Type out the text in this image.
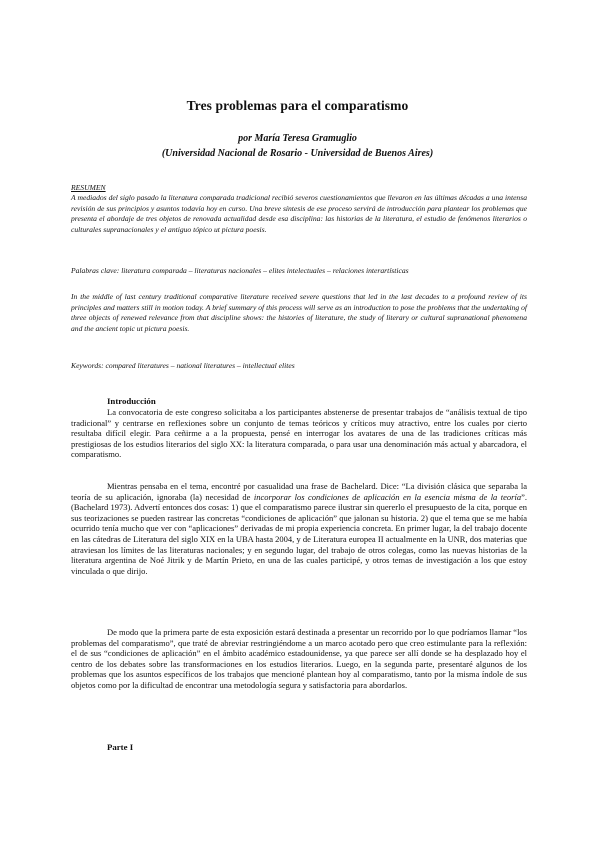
Tres problemas para el comparatismo
por María Teresa Gramuglio
(Universidad Nacional de Rosario - Universidad de Buenos Aires)
RESUMEN

A mediados del siglo pasado la literatura comparada tradicional recibió severos cuestionamientos que llevaron en las últimas décadas a una intensa revisión de sus principios y asuntos todavía hoy en curso. Una breve síntesis de ese proceso servirá de introducción para plantear los problemas que presenta el abordaje de tres objetos de renovada actualidad desde esa disciplina: las historias de la literatura, el estudio de fenómenos literarios o culturales supranacionales y el antiguo tópico ut pictura poesis.

Palabras clave: literatura comparada – literaturas nacionales – elites intelectuales – relaciones interartísticas

In the middle of last century traditional comparative literature received severe questions that led in the last decades to a profound review of its principles and matters still in motion today. A brief summary of this process will serve as an introduction to pose the problems that the undertaking of three objects of renewed relevance from that discipline shows: the histories of literature, the study of literary or cultural supranational phenomena and the ancient topic ut pictura poesis.

Keywords: compared literatures – national literatures – intellectual elites

Introducción

La convocatoria de este congreso solicitaba a los participantes abstenerse de presentar trabajos de “análisis textual de tipo tradicional” y centrarse en reflexiones sobre un conjunto de temas teóricos y críticos muy atractivo, entre los cuales por cierto resultaba difícil elegir. Para ceñirme a a la propuesta, pensé en interrogar los avatares de una de las tradiciones críticas más prestigiosas de los estudios literarios del siglo XX: la literatura comparada, o para usar una denominación más actual y abarcadora, el comparatismo.

Mientras pensaba en el tema, encontré por casualidad una frase de Bachelard. Dice: “La división clásica que separaba la teoría de su aplicación, ignoraba (la) necesidad de incorporar los condiciones de aplicación en la esencia misma de la teoría”. (Bachelard 1973). Advertí entonces dos cosas: 1) que el comparatismo parece ilustrar sin quererlo el presupuesto de la cita, porque en sus teorizaciones se pueden rastrear las concretas “condiciones de aplicación” que jalonan su historia. 2) que el tema que se me había ocurrido tenía mucho que ver con “aplicaciones” derivadas de mi propia experiencia concreta. En primer lugar, la del trabajo docente en las cátedras de Literatura del siglo XIX en la UBA hasta 2004, y de Literatura europea II actualmente en la UNR, dos materias que atraviesan los límites de las literaturas nacionales; y en segundo lugar, del trabajo de otros colegas, como las nuevas historias de la literatura argentina de Noé Jitrik y de Martín Prieto, en una de las cuales participé, y otros temas de investigación a los que estoy vinculada o que dirijo.

De modo que la primera parte de esta exposición estará destinada a presentar un recorrido por lo que podríamos llamar “los problemas del comparatismo”, que traté de abreviar restringiéndome a un marco acotado pero que creo estimulante para la reflexión: el de sus “condiciones de aplicación” en el ámbito académico estadounidense, ya que parece ser allí donde se ha desplazado hoy el centro de los debates sobre las transformaciones en los estudios literarios. Luego, en la segunda parte, presentaré algunos de los problemas que los asuntos específicos de los trabajos que mencioné plantean hoy al comparatismo, tanto por la misma índole de sus objetos como por la dificultad de encontrar una metodología segura y satisfactoria para abordarlos.

Parte I
